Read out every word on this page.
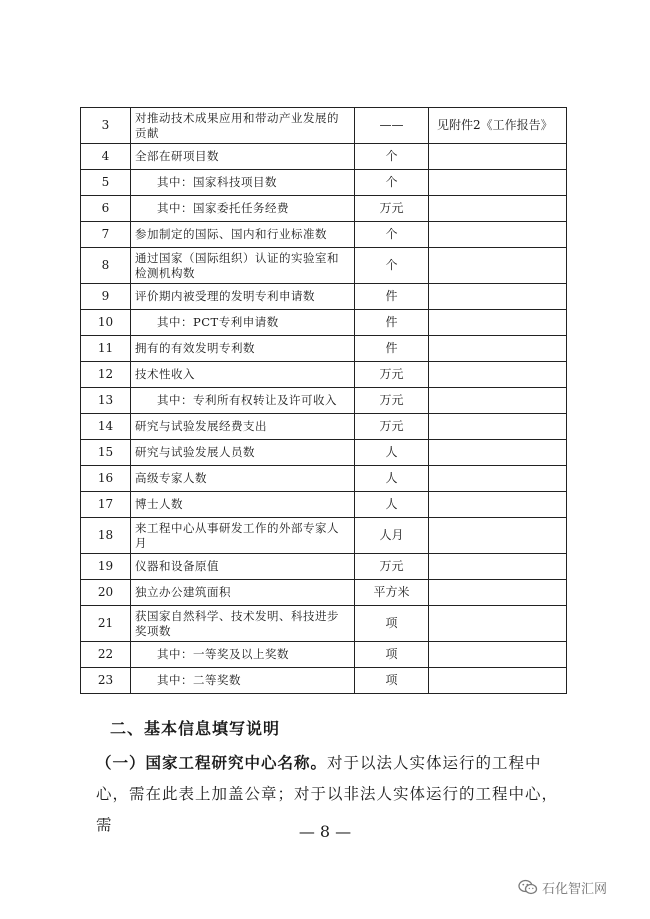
3	对推动技术成果应用和带动产业发展的贡献	——	见附件2《工作报告》
4	全部在研项目数	个	
5	其中：国家科技项目数	个	
6	其中：国家委托任务经费	万元	
7	参加制定的国际、国内和行业标准数	个	
8	通过国家（国际组织）认证的实验室和检测机构数	个	
9	评价期内被受理的发明专利申请数	件	
10	其中：PCT专利申请数	件	
11	拥有的有效发明专利数	件	
12	技术性收入	万元	
13	其中：专利所有权转让及许可收入	万元	
14	研究与试验发展经费支出	万元	
15	研究与试验发展人员数	人	
16	高级专家人数	人	
17	博士人数	人	
18	来工程中心从事研发工作的外部专家人月	人月	
19	仪器和设备原值	万元	
20	独立办公建筑面积	平方米	
21	获国家自然科学、技术发明、科技进步奖项数	项	
22	其中：一等奖及以上奖数	项	
23	其中：二等奖数	项	
二、基本信息填写说明

（一）国家工程研究中心名称。对于以法人实体运行的工程中心，需在此表上加盖公章；对于以非法人实体运行的工程中心，需	— 8 —

石化智汇网
